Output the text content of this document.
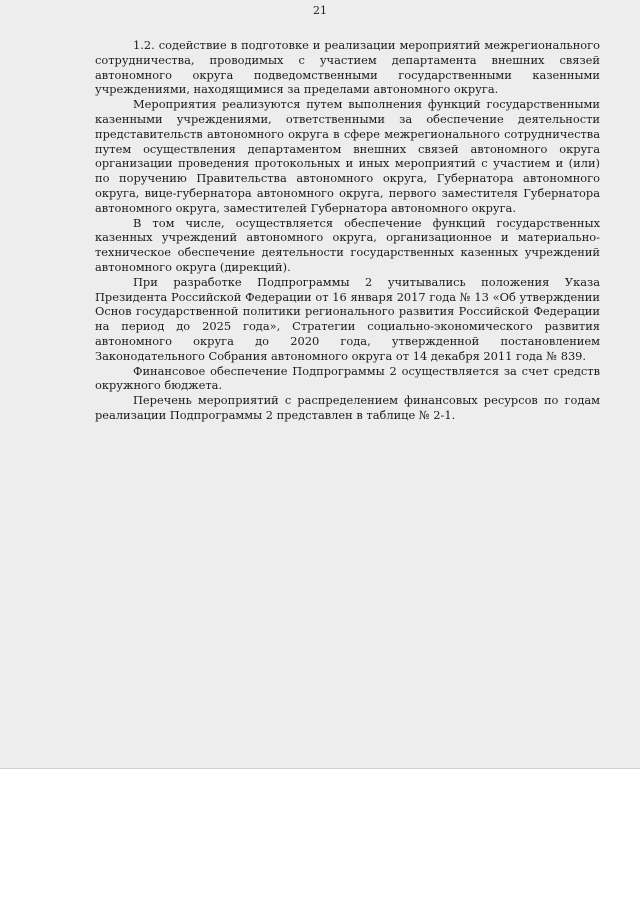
21

1.2. содействие в подготовке и реализации мероприятий межрегионального сотрудничества, проводимых с участием департамента внешних связей автономного округа подведомственными государственными казенными учреждениями, находящимися за пределами автономного округа.

Мероприятия реализуются путем выполнения функций государственными казенными учреждениями, ответственными за обеспечение деятельности представительств автономного округа в сфере межрегионального сотрудничества путем осуществления департаментом внешних связей автономного округа организации проведения протокольных и иных мероприятий с участием и (или) по поручению Правительства автономного округа, Губернатора автономного округа, вице-губернатора автономного округа, первого заместителя Губернатора автономного округа, заместителей Губернатора автономного округа.

В том числе, осуществляется обеспечение функций государственных казенных учреждений автономного округа, организационное и материально-техническое обеспечение деятельности государственных казенных учреждений автономного округа (дирекций).

При разработке Подпрограммы 2 учитывались положения Указа Президента Российской Федерации от 16 января 2017 года № 13 «Об утверждении Основ государственной политики регионального развития Российской Федерации на период до 2025 года», Стратегии социально-экономического развития автономного округа до 2020 года, утвержденной постановлением Законодательного Собрания автономного округа от 14 декабря 2011 года № 839.

Финансовое обеспечение Подпрограммы 2 осуществляется за счет средств окружного бюджета.

Перечень мероприятий с распределением финансовых ресурсов по годам реализации Подпрограммы 2 представлен в таблице № 2-1.
